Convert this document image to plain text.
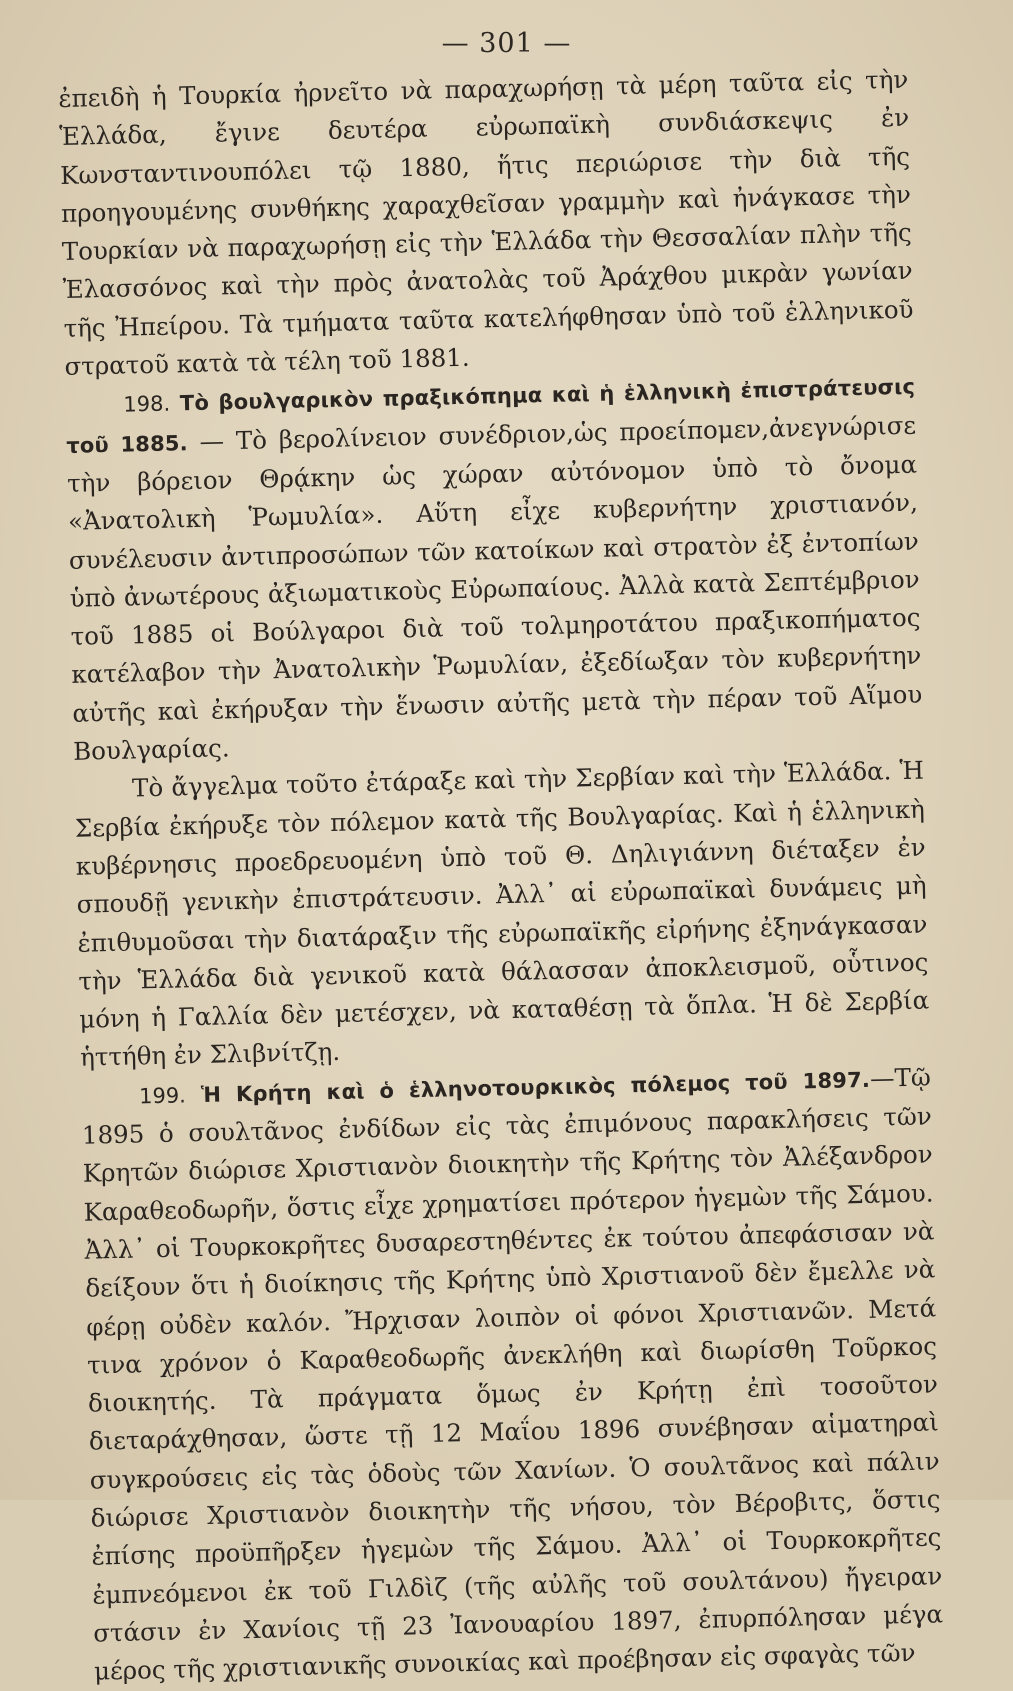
— 301 —

ἐπειδὴ ἡ Τουρκία ἠρνεῖτο νὰ παραχωρήσῃ τὰ μέρη ταῦτα εἰς τὴν Ἑλλάδα, ἔγινε δευτέρα εὐρωπαϊκὴ συνδιάσκεψις ἐν Κωνσταντινουπόλει τῷ 1880, ἥτις περιώρισε τὴν διὰ τῆς προηγουμένης συνθήκης χαραχθεῖσαν γραμμὴν καὶ ἠνάγκασε τὴν Τουρκίαν νὰ παραχωρήσῃ εἰς τὴν Ἑλλάδα τὴν Θεσσαλίαν πλὴν τῆς Ἐλασσόνος καὶ τὴν πρὸς ἀνατολὰς τοῦ Ἀράχθου μικρὰν γωνίαν τῆς Ἠπείρου. Τὰ τμήματα ταῦτα κατελήφθησαν ὑπὸ τοῦ ἑλληνικοῦ στρατοῦ κατὰ τὰ τέλη τοῦ 1881.

198. Τὸ βουλγαρικὸν πραξικόπημα καὶ ἡ ἑλληνικὴ ἐπιστράτευσις τοῦ 1885. — Τὸ βερολίνειον συνέδριον,ὡς προείπομεν,ἀνεγνώρισε τὴν βόρειον Θρᾴκην ὡς χώραν αὐτόνομον ὑπὸ τὸ ὄνομα «Ἀνατολικὴ Ῥωμυλία». Αὕτη εἶχε κυβερνήτην χριστιανόν, συνέλευσιν ἀντιπροσώπων τῶν κατοίκων καὶ στρατὸν ἐξ ἐντοπίων ὑπὸ ἀνωτέρους ἀξιωματικοὺς Εὐρωπαίους. Ἀλλὰ κατὰ Σεπτέμβριον τοῦ 1885 οἱ Βούλγαροι διὰ τοῦ τολμηροτάτου πραξικοπήματος κατέλαβον τὴν Ἀνατολικὴν Ῥωμυλίαν, ἐξεδίωξαν τὸν κυβερνήτην αὐτῆς καὶ ἐκήρυξαν τὴν ἕνωσιν αὐτῆς μετὰ τὴν πέραν τοῦ Αἵμου Βουλγαρίας.

Τὸ ἄγγελμα τοῦτο ἐτάραξε καὶ τὴν Σερβίαν καὶ τὴν Ἑλλάδα. Ἡ Σερβία ἐκήρυξε τὸν πόλεμον κατὰ τῆς Βουλγαρίας. Καὶ ἡ ἑλληνικὴ κυβέρνησις προεδρευομένη ὑπὸ τοῦ Θ. Δηλιγιάννη διέταξεν ἐν σπουδῇ γενικὴν ἐπιστράτευσιν. Ἀλλ᾽ αἱ εὐρωπαϊκαὶ δυνάμεις μὴ ἐπιθυμοῦσαι τὴν διατάραξιν τῆς εὐρωπαϊκῆς εἰρήνης ἐξηνάγκασαν τὴν Ἑλλάδα διὰ γενικοῦ κατὰ θάλασσαν ἀποκλεισμοῦ, οὗτινος μόνη ἡ Γαλλία δὲν μετέσχεν, νὰ καταθέσῃ τὰ ὅπλα. Ἡ δὲ Σερβία ἡττήθη ἐν Σλιβνίτζῃ.

199. Ἡ Κρήτη καὶ ὁ ἑλληνοτουρκικὸς πόλεμος τοῦ 1897.—Τῷ 1895 ὁ σουλτᾶνος ἐνδίδων εἰς τὰς ἐπιμόνους παρακλήσεις τῶν Κρητῶν διώρισε Χριστιανὸν διοικητὴν τῆς Κρήτης τὸν Ἀλέξανδρον Καραθεοδωρῆν, ὅστις εἶχε χρηματίσει πρότερον ἡγεμὼν τῆς Σάμου. Ἀλλ᾽ οἱ Τουρκοκρῆτες δυσαρεστηθέντες ἐκ τούτου ἀπεφάσισαν νὰ δείξουν ὅτι ἡ διοίκησις τῆς Κρήτης ὑπὸ Χριστιανοῦ δὲν ἔμελλε νὰ φέρῃ οὐδὲν καλόν. Ἤρχισαν λοιπὸν οἱ φόνοι Χριστιανῶν. Μετά τινα χρόνον ὁ Καραθεοδωρῆς ἀνεκλήθη καὶ διωρίσθη Τοῦρκος διοικητής. Τὰ πράγματα ὅμως ἐν Κρήτῃ ἐπὶ τοσοῦτον διεταράχθησαν, ὥστε τῇ 12 Μαΐου 1896 συνέβησαν αἱματηραὶ συγκρούσεις εἰς τὰς ὁδοὺς τῶν Χανίων. Ὁ σουλτᾶνος καὶ πάλιν διώρισε Χριστιανὸν διοικητὴν τῆς νήσου, τὸν Βέροβιτς, ὅστις ἐπίσης προϋπῆρξεν ἡγεμὼν τῆς Σάμου. Ἀλλ᾽ οἱ Τουρκοκρῆτες ἐμπνεόμενοι ἐκ τοῦ Γιλδὶζ (τῆς αὐλῆς τοῦ σουλτάνου) ἤγειραν στάσιν ἐν Χανίοις τῇ 23 Ἰανουαρίου 1897, ἐπυρπόλησαν μέγα μέρος τῆς χριστιανικῆς συνοικίας καὶ προέβησαν εἰς σφαγὰς τῶν
